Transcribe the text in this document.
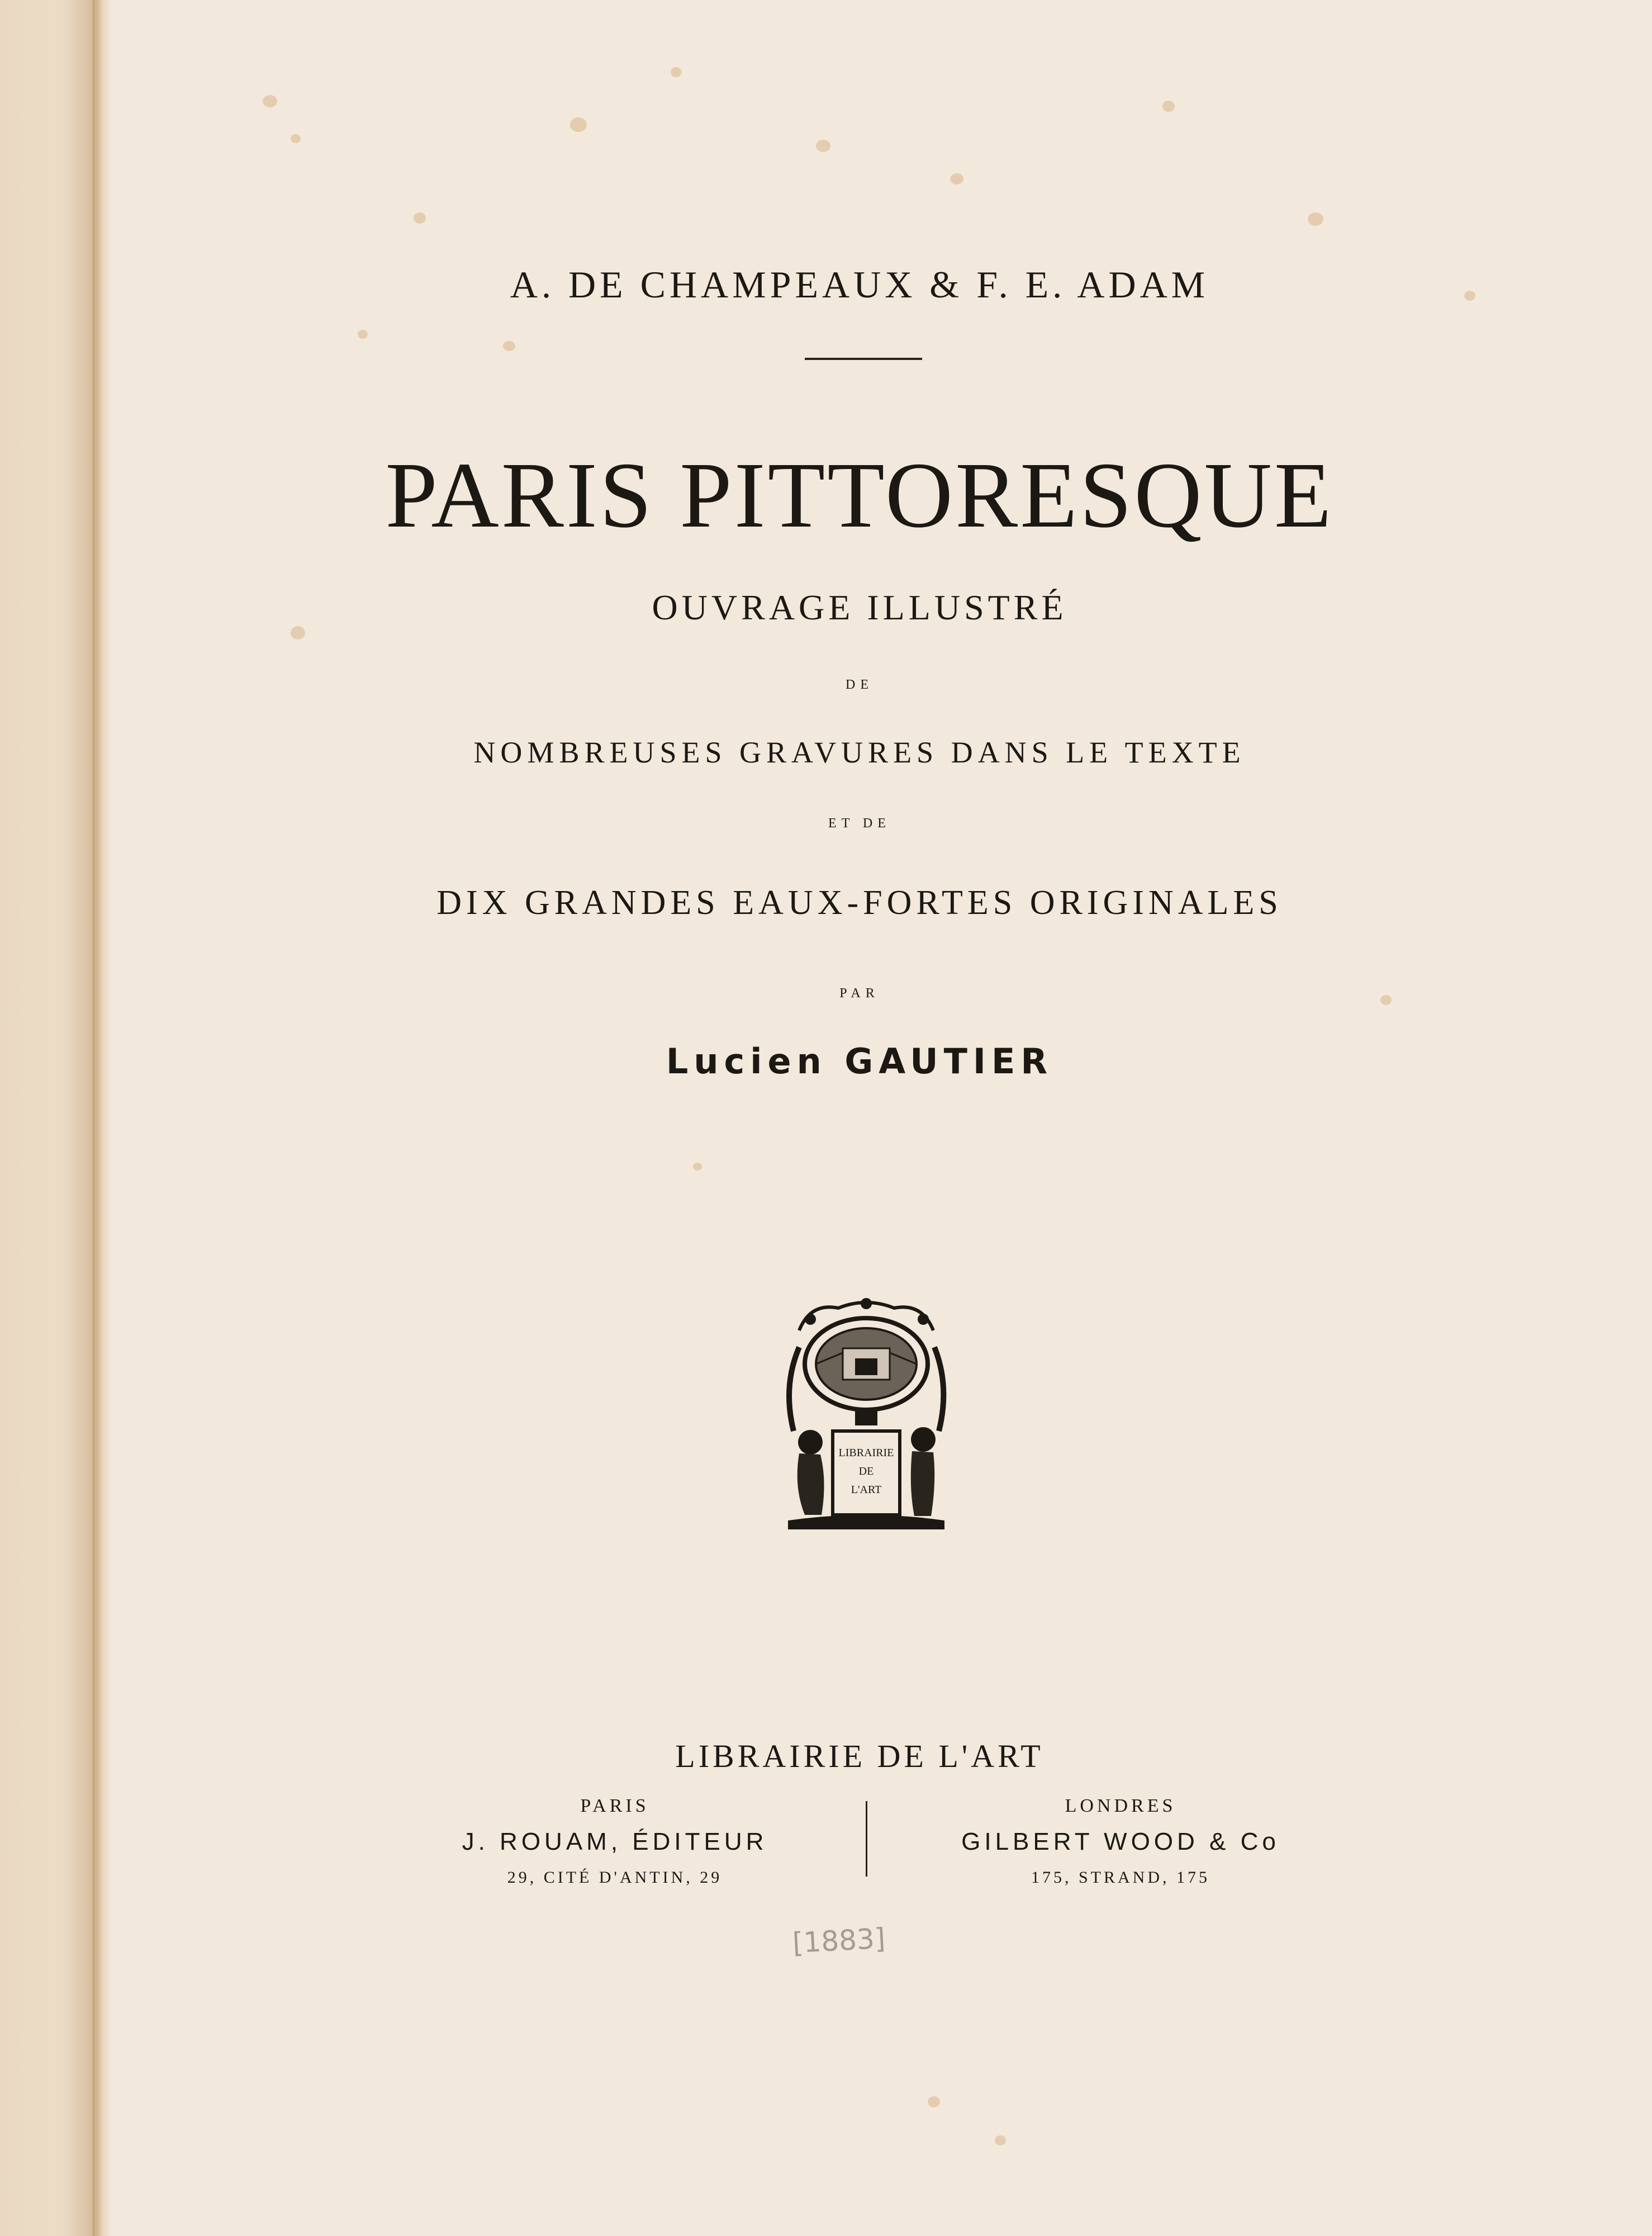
A. DE CHAMPEAUX & F. E. ADAM
PARIS PITTORESQUE
OUVRAGE ILLUSTRÉ
DE
NOMBREUSES GRAVURES DANS LE TEXTE
ET DE
DIX GRANDES EAUX-FORTES ORIGINALES
PAR
Lucien GAUTIER
LIBRAIRIE
DE
L'ART
LIBRAIRIE DE L'ART
PARIS
J. ROUAM, ÉDITEUR
29, CITÉ D'ANTIN, 29
LONDRES
GILBERT WOOD & Co
175, STRAND, 175
[1883]
